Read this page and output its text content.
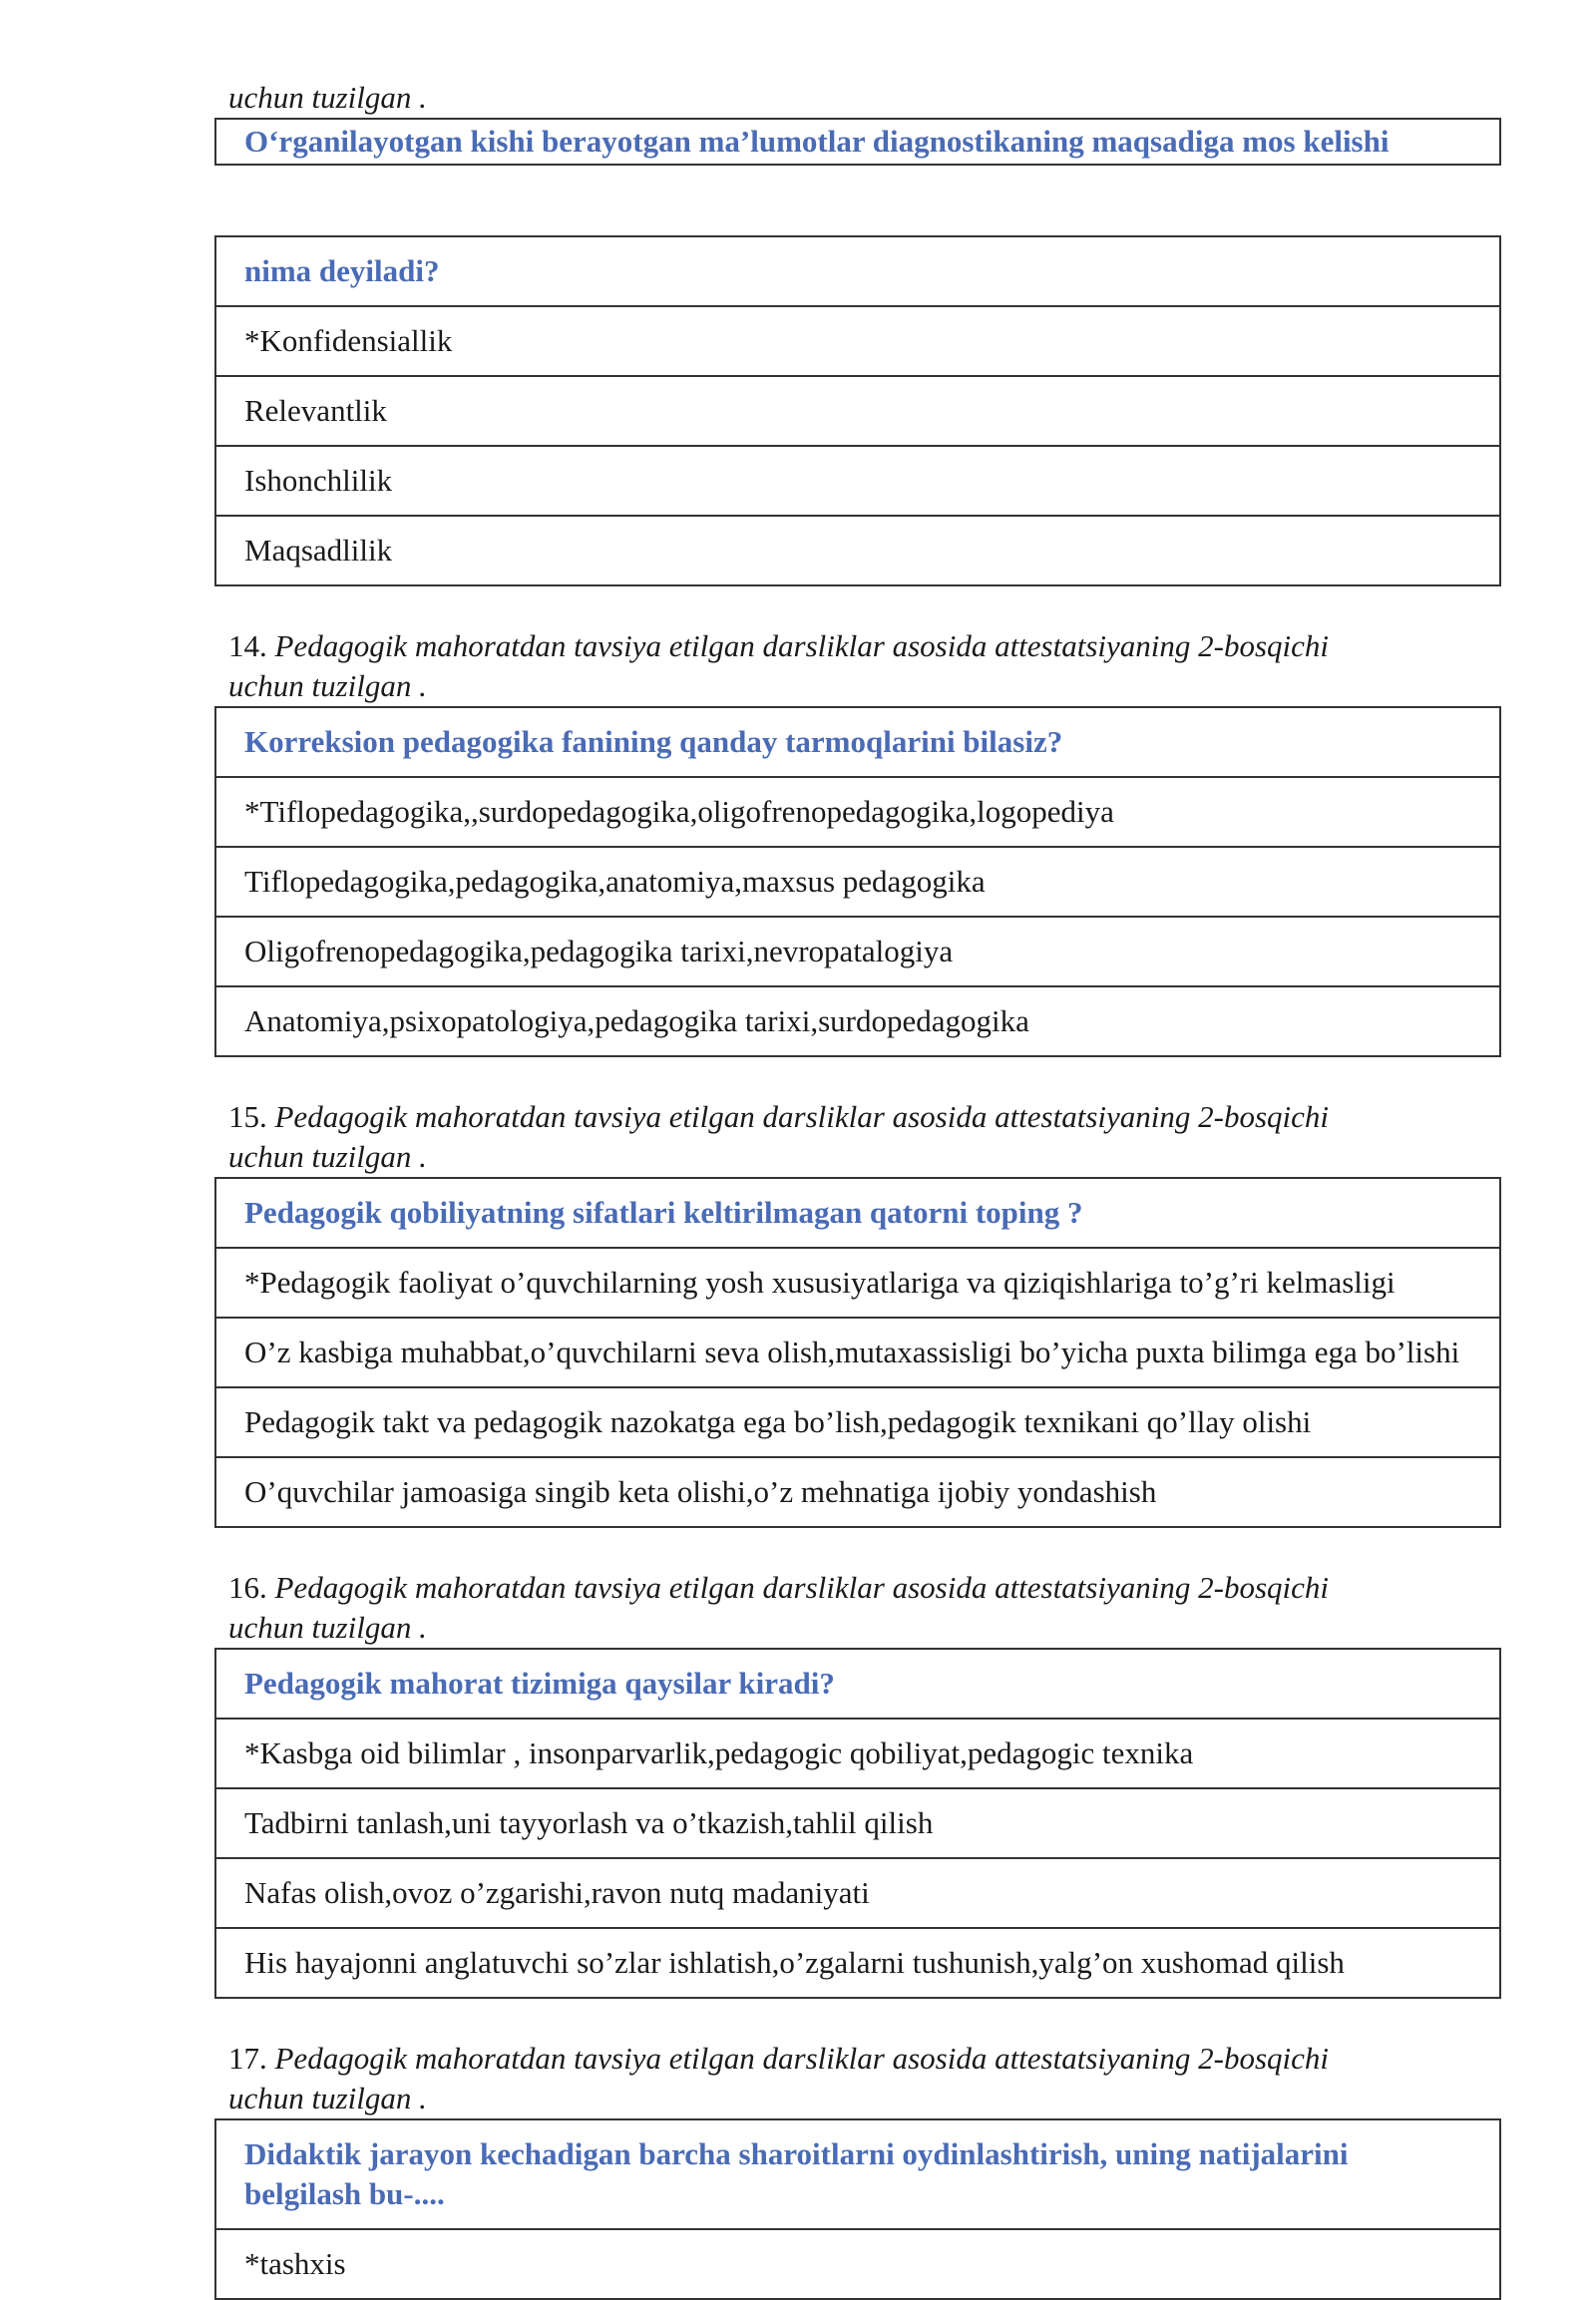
uchun tuzilgan .

O‘rganilayotgan kishi berayotgan ma’lumotlar diagnostikaning maqsadiga mos kelishi
nima deyiladi?
*Konfidensiallik
Relevantlik
Ishonchlilik
Maqsadlilik

14. Pedagogik mahoratdan tavsiya etilgan darsliklar asosida attestatsiyaning 2-bosqichi
uchun tuzilgan .

Korreksion pedagogika fanining qanday tarmoqlarini bilasiz?
*Tiflopedagogika,,surdopedagogika,oligofrenopedagogika,logopediya
Tiflopedagogika,pedagogika,anatomiya,maxsus pedagogika
Oligofrenopedagogika,pedagogika tarixi,nevropatalogiya
Anatomiya,psixopatologiya,pedagogika tarixi,surdopedagogika

15. Pedagogik mahoratdan tavsiya etilgan darsliklar asosida attestatsiyaning 2-bosqichi
uchun tuzilgan .

Pedagogik qobiliyatning sifatlari keltirilmagan qatorni toping ?
*Pedagogik faoliyat o’quvchilarning yosh xususiyatlariga va qiziqishlariga to’g’ri kelmasligi
O’z kasbiga muhabbat,o’quvchilarni seva olish,mutaxassisligi bo’yicha puxta bilimga ega bo’lishi
Pedagogik takt va pedagogik nazokatga ega bo’lish,pedagogik texnikani qo’llay olishi
O’quvchilar jamoasiga singib keta olishi,o’z mehnatiga ijobiy yondashish

16. Pedagogik mahoratdan tavsiya etilgan darsliklar asosida attestatsiyaning 2-bosqichi
uchun tuzilgan .

Pedagogik mahorat tizimiga qaysilar kiradi?
*Kasbga oid bilimlar , insonparvarlik,pedagogic qobiliyat,pedagogic texnika
Tadbirni tanlash,uni tayyorlash va o’tkazish,tahlil qilish
Nafas olish,ovoz o’zgarishi,ravon nutq madaniyati
His hayajonni anglatuvchi so’zlar ishlatish,o’zgalarni tushunish,yalg’on xushomad qilish

17. Pedagogik mahoratdan tavsiya etilgan darsliklar asosida attestatsiyaning 2-bosqichi
uchun tuzilgan .

Didaktik jarayon kechadigan barcha sharoitlarni oydinlashtirish, uning natijalarini belgilash bu-....
*tashxis
